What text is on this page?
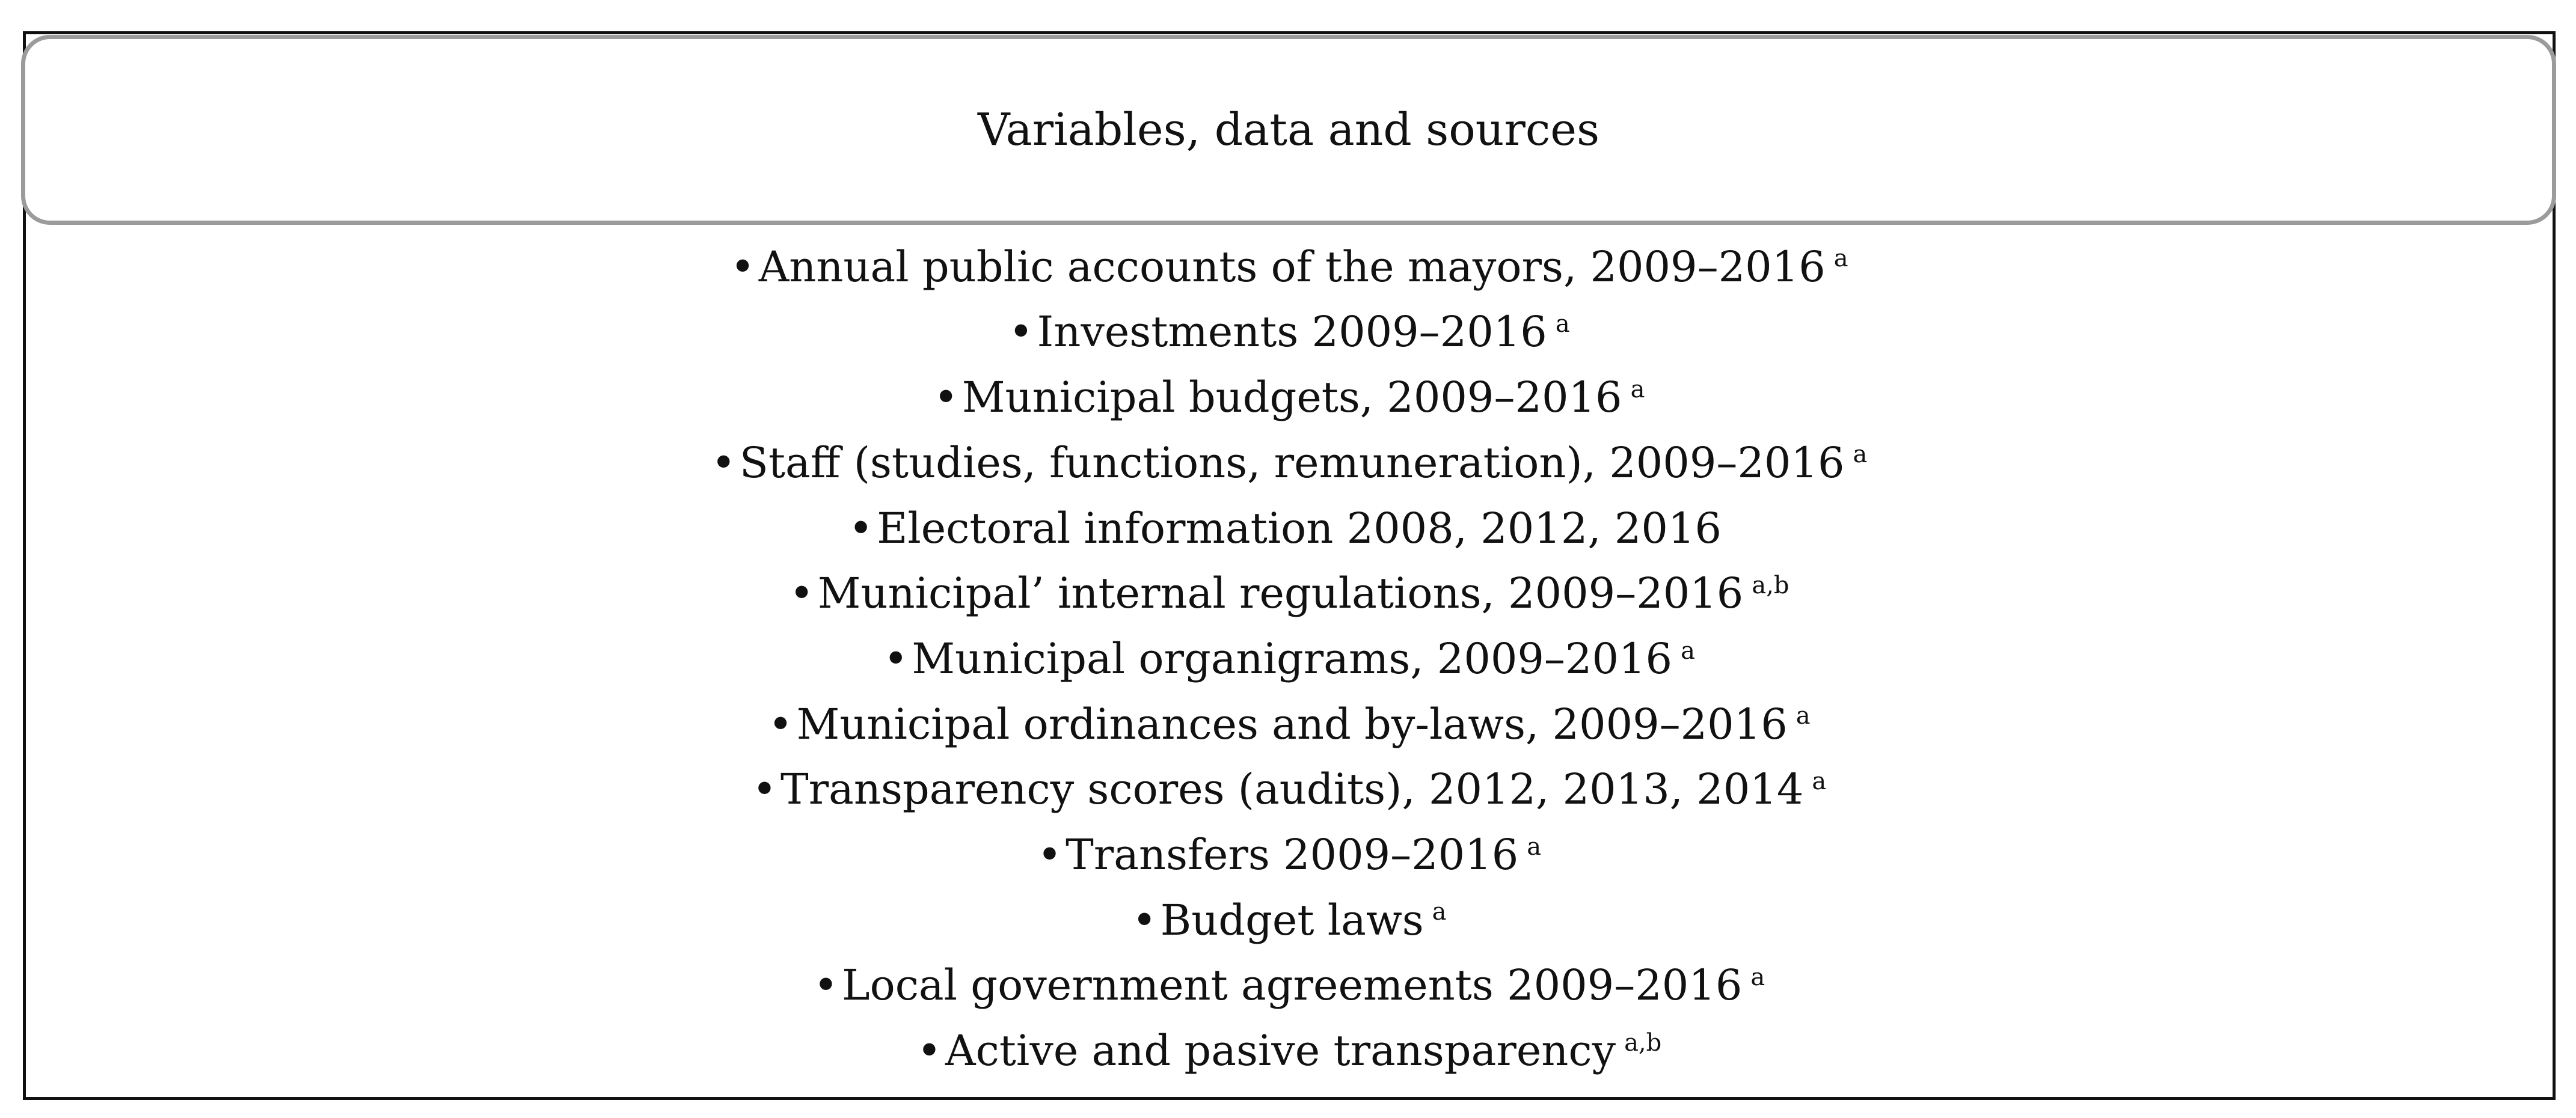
Variables, data and sources
•Annual public accounts of the mayors, 2009–2016 $^a$
•Investments 2009–2016 $^a$
•Municipal budgets, 2009–2016 $^a$
•Staff (studies, functions, remuneration), 2009–2016 $^a$
•Electoral information 2008, 2012, 2016
•Municipal’ internal regulations, 2009–2016 $^{a,b}$
•Municipal organigrams, 2009–2016 $^a$
•Municipal ordinances and by-laws, 2009–2016 $^a$
•Transparency scores (audits), 2012, 2013, 2014 $^a$
•Transfers 2009–2016 $^a$
•Budget laws $^a$
•Local government agreements 2009–2016 $^a$
•Active and pasive transparency $^{a,b}$
